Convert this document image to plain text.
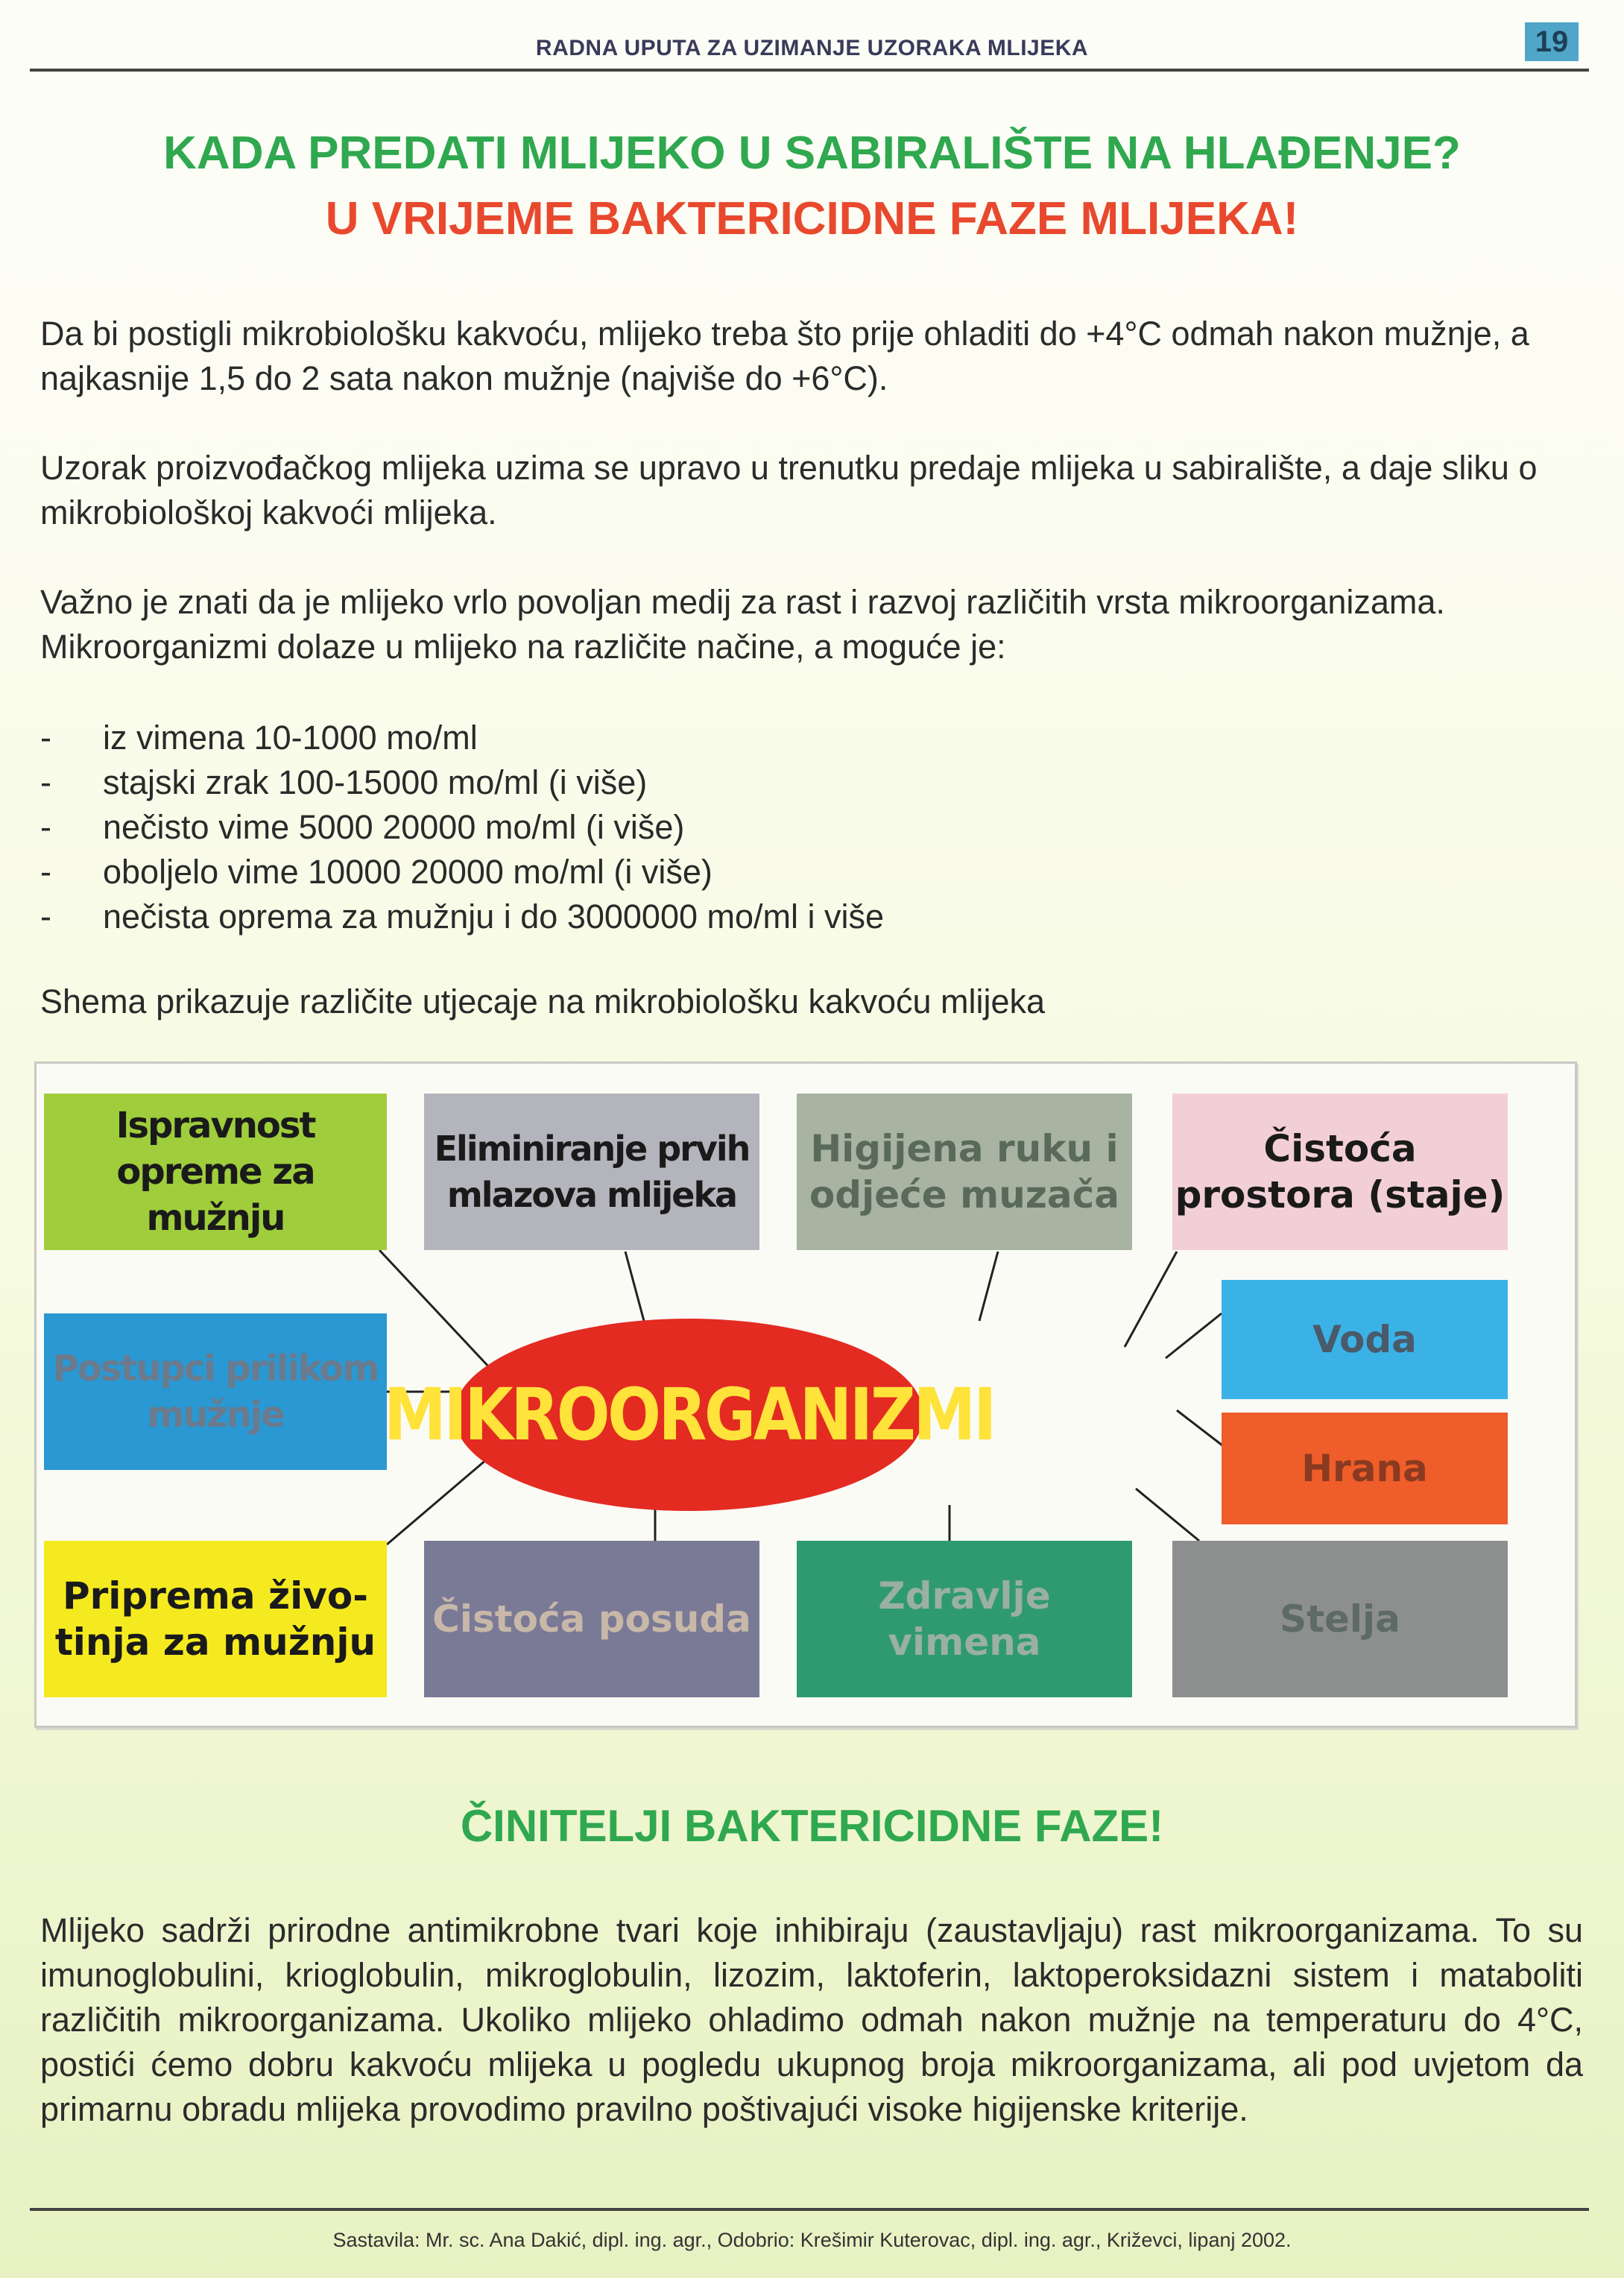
RADNA UPUTA ZA UZIMANJE UZORAKA MLIJEKA	19
KADA PREDATI MLIJEKO U SABIRALIŠTE NA HLAĐENJE?
U VRIJEME BAKTERICIDNE FAZE MLIJEKA!
Da bi postigli mikrobiološku kakvoću, mlijeko treba što prije ohladiti do +4°C odmah nakon mužnje, a najkasnije 1,5 do 2 sata nakon mužnje (najviše do +6°C).
Uzorak proizvođačkog mlijeka uzima se upravo u trenutku predaje mlijeka u sabiralište, a daje sliku o mikrobiološkoj kakvoći mlijeka.
Važno je znati da je mlijeko vrlo povoljan medij za rast i razvoj različitih vrsta mikroorganizama. Mikroorganizmi dolaze u mlijeko na različite načine, a moguće je:
- iz vimena 10-1000 mo/ml
- stajski zrak 100-15000 mo/ml (i više)
- nečisto vime 5000 20000 mo/ml (i više)
- oboljelo vime 10000 20000 mo/ml (i više)
- nečista oprema za mužnju i do 3000000 mo/ml i više
Shema prikazuje različite utjecaje na mikrobiološku kakvoću mlijeka
Ispravnost opreme za mužnju
Eliminiranje prvih mlazova mlijeka
Higijena ruku i odjeće muzača
Čistoća prostora (staje)
Postupci prilikom mužnje	MIKROORGANIZMI
Voda
Hrana
Priprema živo-tinja za mužnju
Čistoća posuda
Zdravlje vimena
Stelja
ČINITELJI BAKTERICIDNE FAZE!
Mlijeko sadrži prirodne antimikrobne tvari koje inhibiraju (zaustavljaju) rast mikroorganizama. To su imunoglobulini, krioglobulin, mikroglobulin, lizozim, laktoferin, laktoperoksidazni sistem i mataboliti različitih mikroorganizama. Ukoliko mlijeko ohladimo odmah nakon mužnje na temperaturu do 4°C, postići ćemo dobru kakvoću mlijeka u pogledu ukupnog broja mikroorganizama, ali pod uvjetom da primarnu obradu mlijeka provodimo pravilno poštivajući visoke higijenske kriterije.
Sastavila: Mr. sc. Ana Dakić, dipl. ing. agr., Odobrio: Krešimir Kuterovac, dipl. ing. agr., Križevci, lipanj 2002.
